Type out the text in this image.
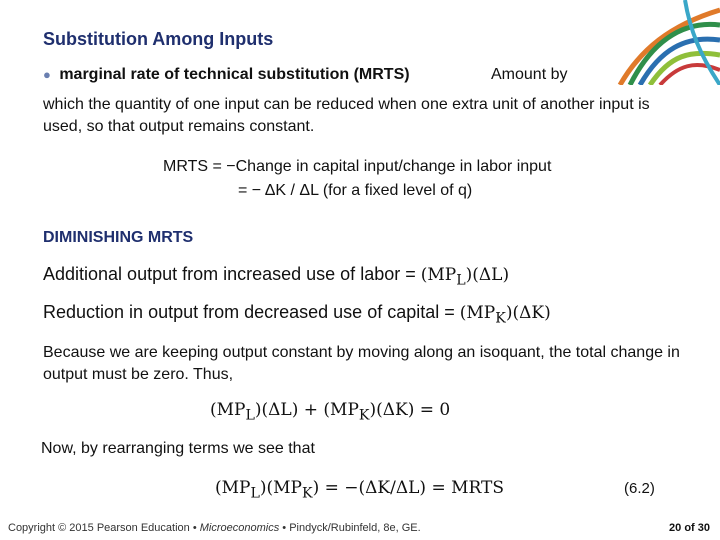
Substitution Among Inputs
● marginal rate of technical substitution (MRTS)	Amount by
which the quantity of one input can be reduced when one extra unit of another input is used, so that output remains constant.
MRTS = −Change in capital input/change in labor input
= − ΔK / ΔL (for a fixed level of q)
DIMINISHING MRTS
Additional output from increased use of labor = $(MP_L)(\Delta L)$
Reduction in output from decreased use of capital = $(MP_K)(\Delta K)$
Because we are keeping output constant by moving along an isoquant, the total change in output must be zero. Thus,
$(MP_L)(\Delta L) + (MP_K)(\Delta K) = 0$
Now, by rearranging terms we see that
$(MP_L)(MP_K) = -(\Delta K/\Delta L)$ = MRTS	(6.2)
Copyright © 2015 Pearson Education • Microeconomics • Pindyck/Rubinfeld, 8e, GE.	20 of 30
